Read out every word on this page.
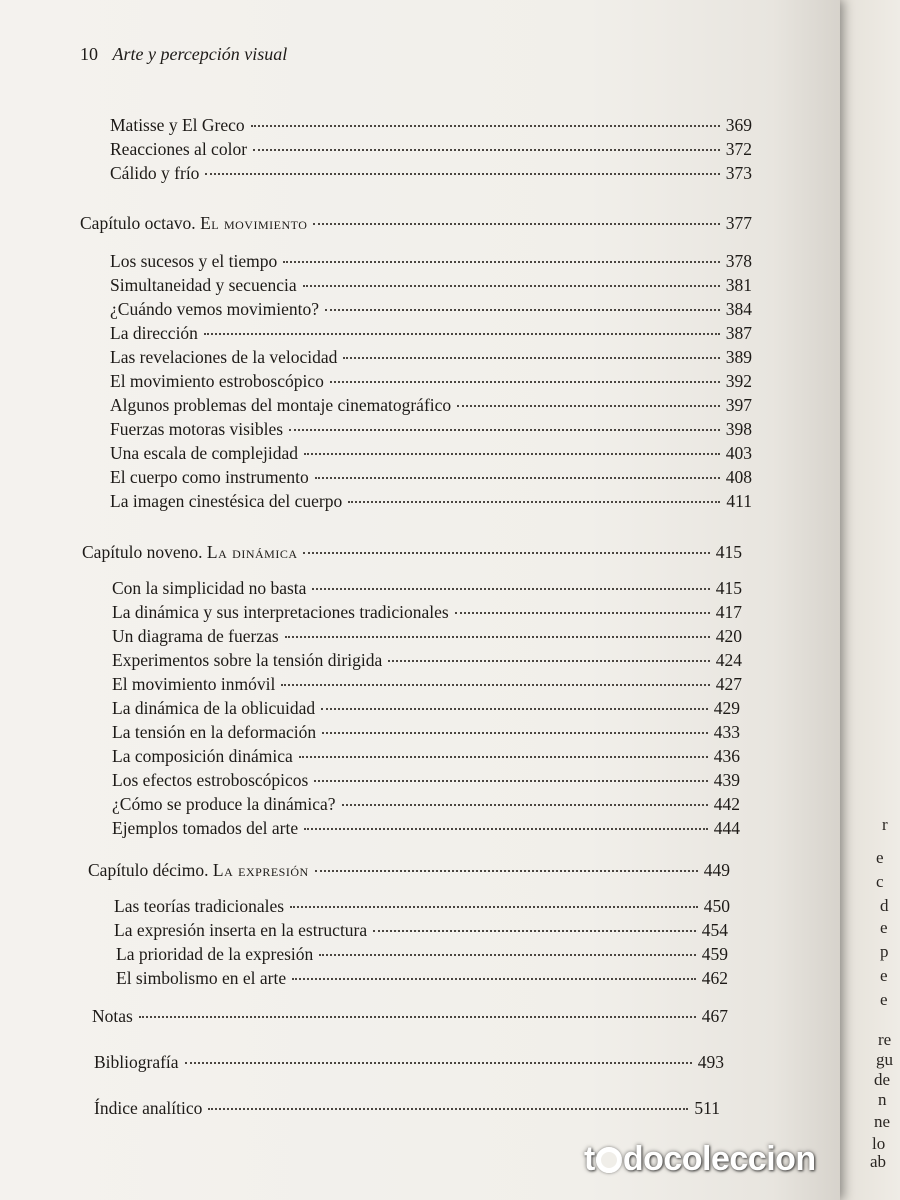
r
e
c
d
e
p
e
e
re
gu
de
n
ne
lo
ab
10 Arte y percepción visual
Matisse y El Greco	369
Reacciones al color	372
Cálido y frío	373
Capítulo octavo. El movimiento	377
Los sucesos y el tiempo	378
Simultaneidad y secuencia	381
¿Cuándo vemos movimiento?	384
La dirección	387
Las revelaciones de la velocidad	389
El movimiento estroboscópico	392
Algunos problemas del montaje cinematográfico	397
Fuerzas motoras visibles	398
Una escala de complejidad	403
El cuerpo como instrumento	408
La imagen cinestésica del cuerpo	411
Capítulo noveno. La dinámica	415
Con la simplicidad no basta	415
La dinámica y sus interpretaciones tradicionales	417
Un diagrama de fuerzas	420
Experimentos sobre la tensión dirigida	424
El movimiento inmóvil	427
La dinámica de la oblicuidad	429
La tensión en la deformación	433
La composición dinámica	436
Los efectos estroboscópicos	439
¿Cómo se produce la dinámica?	442
Ejemplos tomados del arte	444
Capítulo décimo. La expresión	449
Las teorías tradicionales	450
La expresión inserta en la estructura	454
La prioridad de la expresión	459
El simbolismo en el arte	462
Notas	467
Bibliografía	493
Índice analítico	511
t docoleccion
